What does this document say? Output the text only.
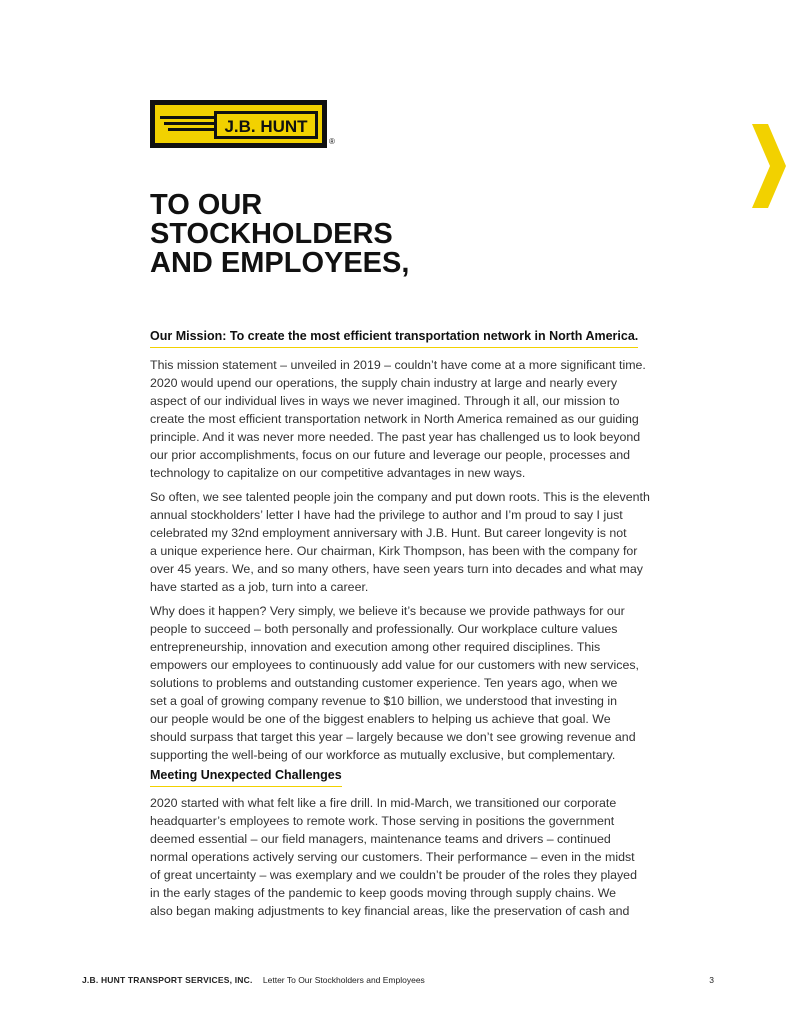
J.B. HUNT
®
TO OUR
STOCKHOLDERS
AND EMPLOYEES,
Our Mission: To create the most efficient transportation network in North America.
This mission statement – unveiled in 2019 – couldn’t have come at a more significant time.
2020 would upend our operations, the supply chain industry at large and nearly every
aspect of our individual lives in ways we never imagined. Through it all, our mission to
create the most efficient transportation network in North America remained as our guiding
principle. And it was never more needed. The past year has challenged us to look beyond
our prior accomplishments, focus on our future and leverage our people, processes and
technology to capitalize on our competitive advantages in new ways.
So often, we see talented people join the company and put down roots. This is the eleventh
annual stockholders’ letter I have had the privilege to author and I’m proud to say I just
celebrated my 32nd employment anniversary with J.B. Hunt. But career longevity is not
a unique experience here. Our chairman, Kirk Thompson, has been with the company for
over 45 years. We, and so many others, have seen years turn into decades and what may
have started as a job, turn into a career.
Why does it happen? Very simply, we believe it’s because we provide pathways for our
people to succeed – both personally and professionally. Our workplace culture values
entrepreneurship, innovation and execution among other required disciplines. This
empowers our employees to continuously add value for our customers with new services,
solutions to problems and outstanding customer experience. Ten years ago, when we
set a goal of growing company revenue to $10 billion, we understood that investing in
our people would be one of the biggest enablers to helping us achieve that goal. We
should surpass that target this year – largely because we don’t see growing revenue and
supporting the well-being of our workforce as mutually exclusive, but complementary.
Meeting Unexpected Challenges
2020 started with what felt like a fire drill. In mid-March, we transitioned our corporate
headquarter’s employees to remote work. Those serving in positions the government
deemed essential – our field managers, maintenance teams and drivers – continued
normal operations actively serving our customers. Their performance – even in the midst
of great uncertainty – was exemplary and we couldn’t be prouder of the roles they played
in the early stages of the pandemic to keep goods moving through supply chains. We
also began making adjustments to key financial areas, like the preservation of cash and
J.B. HUNT TRANSPORT SERVICES, INC. Letter To Our Stockholders and Employees	3
